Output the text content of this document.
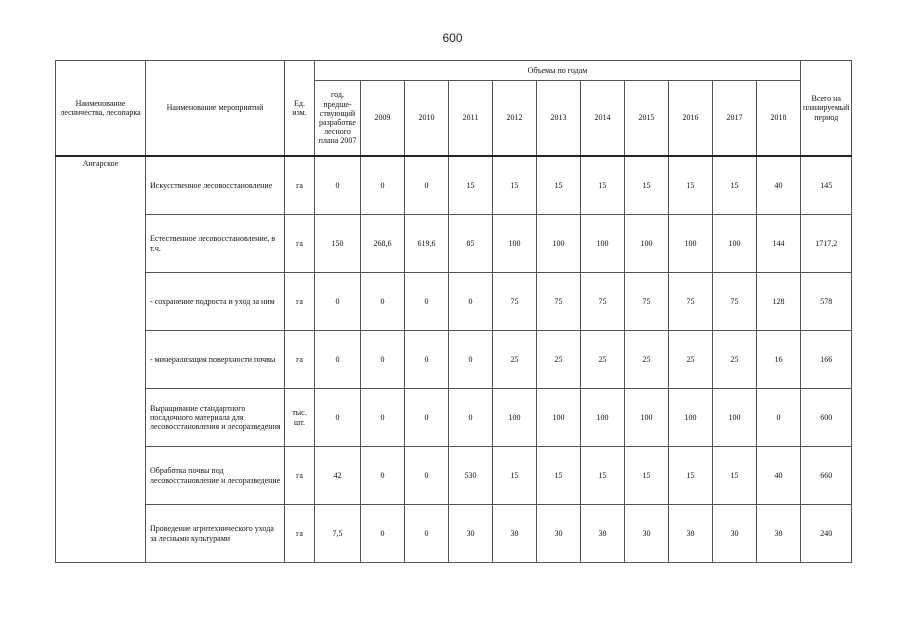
600
Наименование лесничества, лесопарка	Наименование мероприятий	Ед. изм.	Объемы по годам											Всего на планируемый период
			год, предше-ствующий разработке лесного плана 2007	2009	2010	2011	2012	2013	2014	2015	2016	2017	2018	
Ангарское	Искусственное лесовосстановление	га	0	0	0	15	15	15	15	15	15	15	40	145
	Естественное лесовосстановление, в т.ч.	га	150	268,6	619,6	85	100	100	100	100	100	100	144	1717,2
	- сохранение подроста и уход за ним	га	0	0	0	0	75	75	75	75	75	75	128	578
	- минерализация поверхности почвы	га	0	0	0	0	25	25	25	25	25	25	16	166
	Выращивание стандартного посадочного материала для лесовосстановления и лесоразведения	тыс. шт.	0	0	0	0	100	100	100	100	100	100	0	600
	Обработка почвы под лесовосстановление и лесоразведение	га	42	0	0	530	15	15	15	15	15	15	40	660
	Проведение агротехнического ухода за лесными культурами	га	7,5	0	0	30	30	30	30	30	30	30	30	240
